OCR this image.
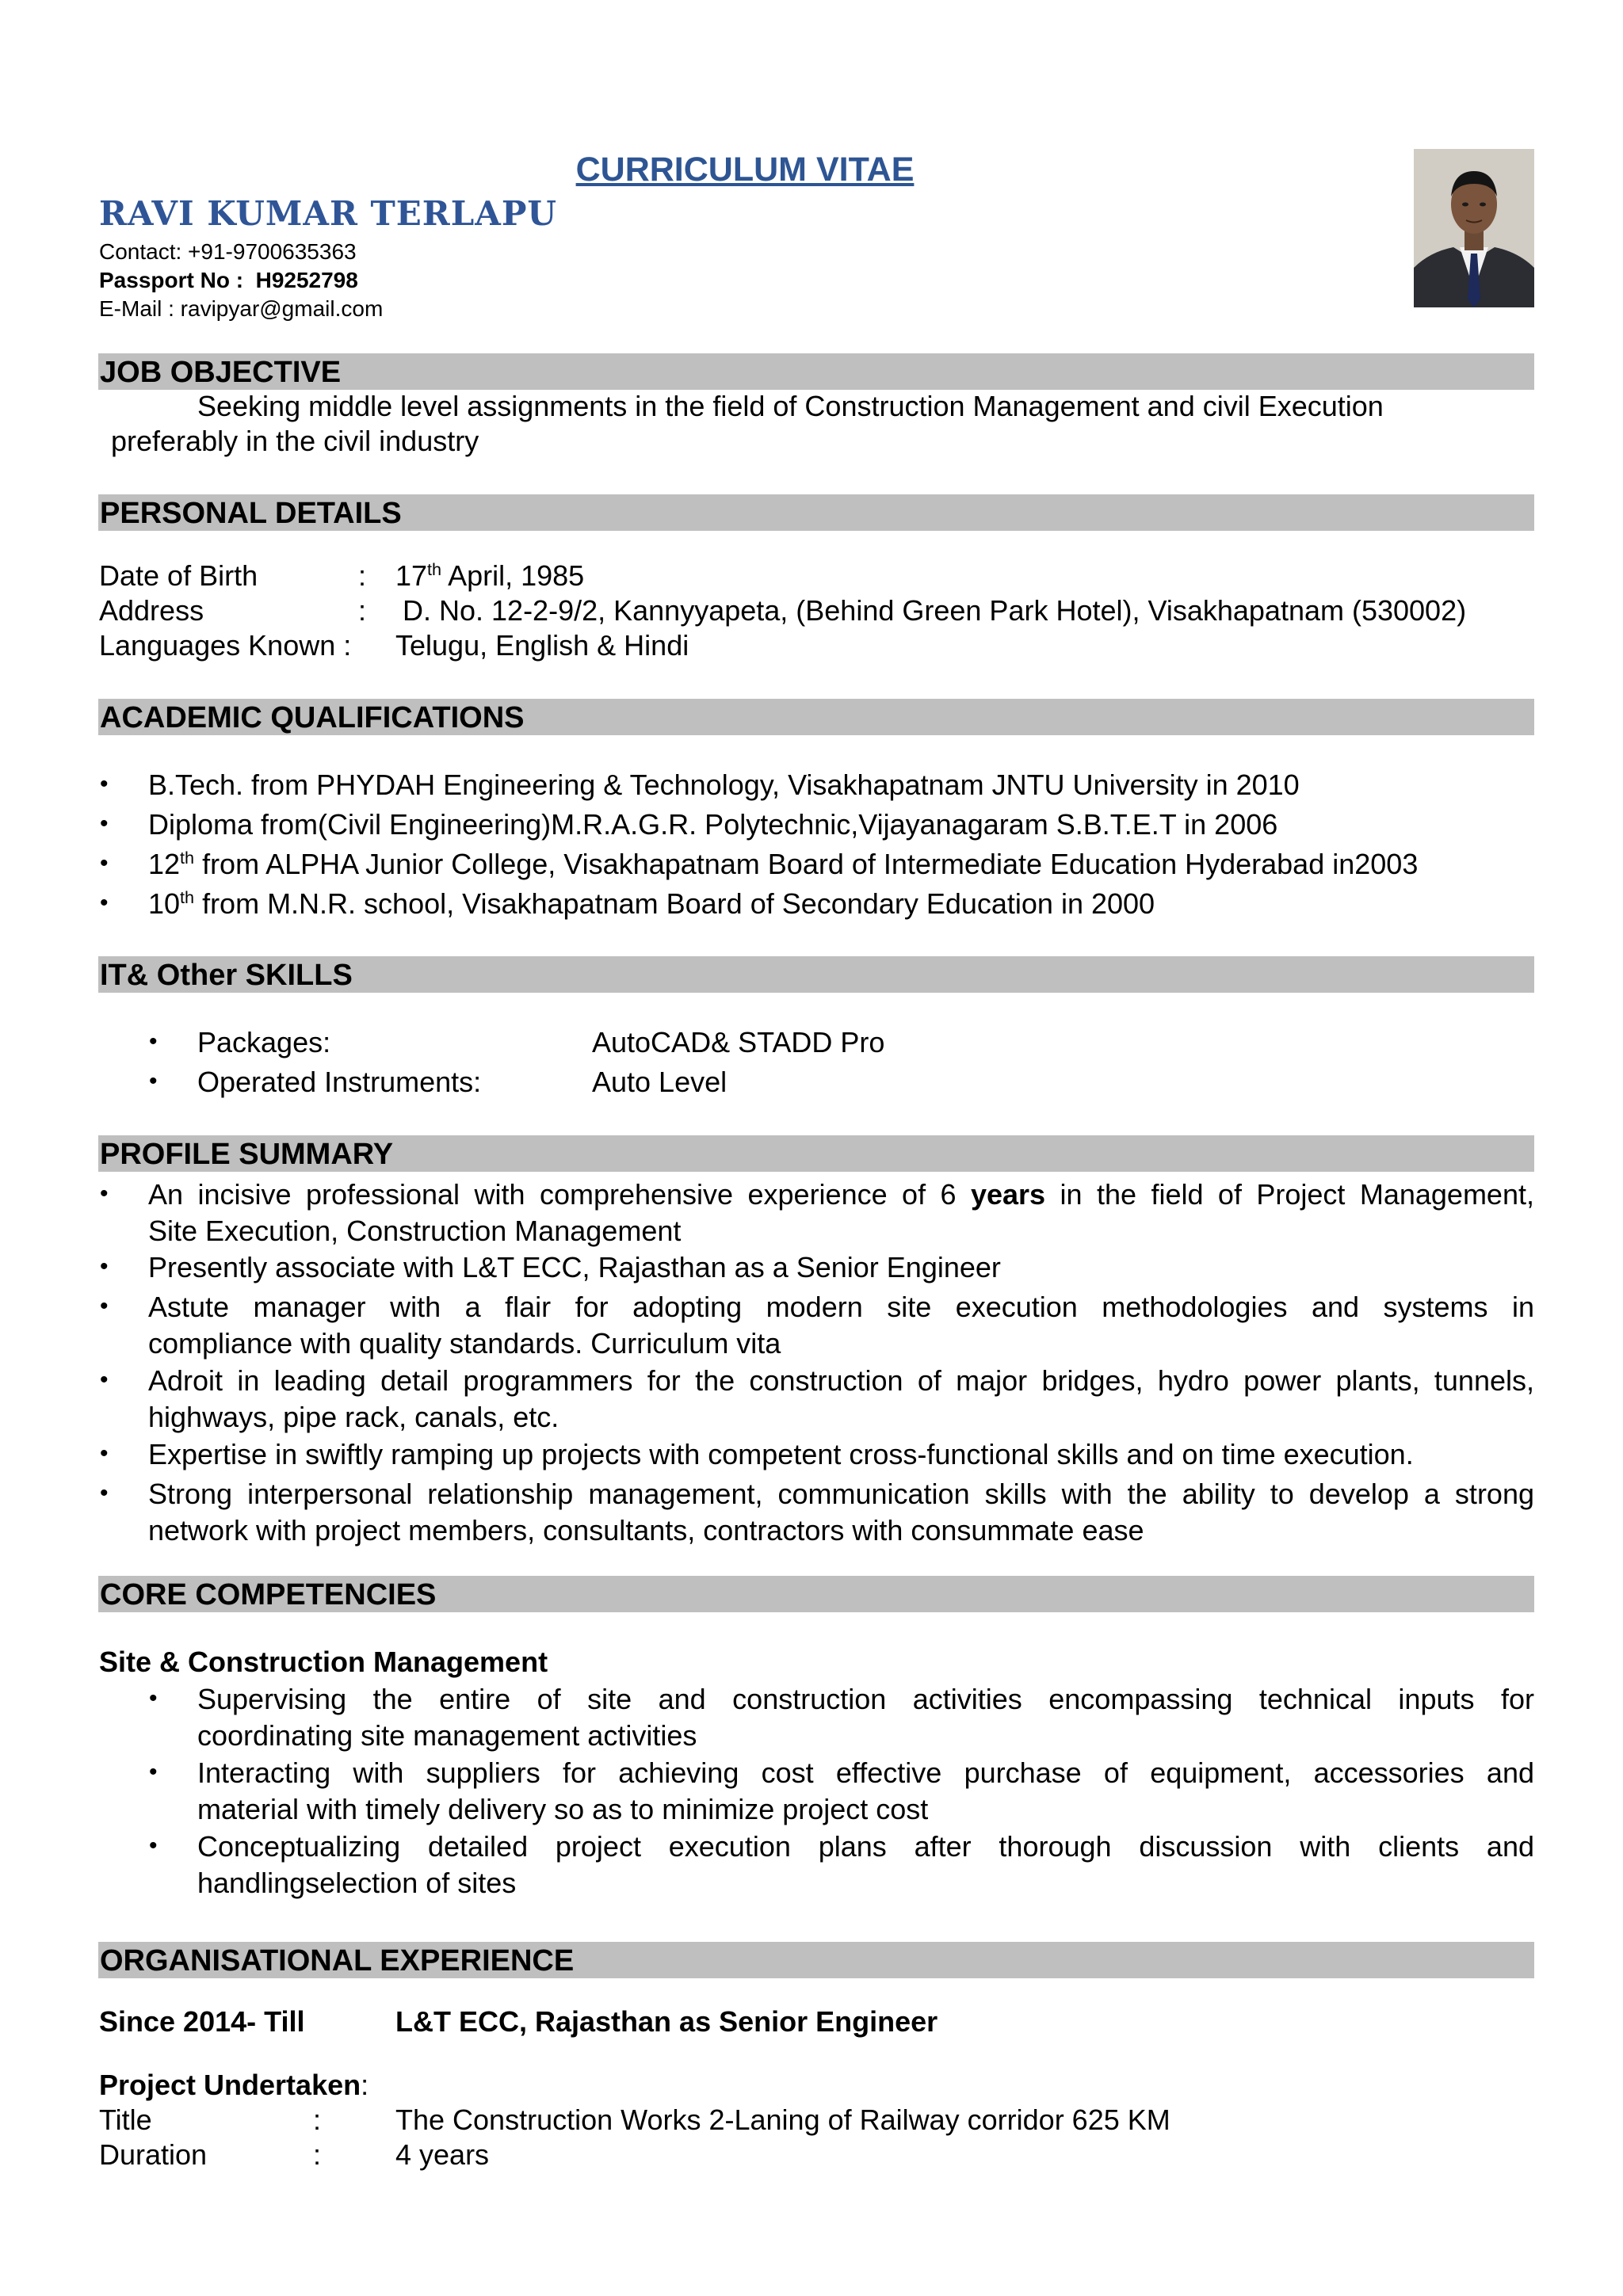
CURRICULUM VITAE
RAVI KUMAR TERLAPU
Contact: +91-9700635363
Passport No : H9252798
E-Mail : ravipyar@gmail.com
JOB OBJECTIVE
Seeking middle level assignments in the field of Construction Management and civil Execution
preferably in the civil industry
PERSONAL DETAILS
Date of Birth	: 17th April, 1985
Address	: D. No. 12-2-9/2, Kannyyapeta, (Behind Green Park Hotel), Visakhapatnam (530002)
Languages Known : Telugu, English & Hindi
ACADEMIC QUALIFICATIONS
• B.Tech. from PHYDAH Engineering & Technology, Visakhapatnam JNTU University in 2010
• Diploma from(Civil Engineering)M.R.A.G.R. Polytechnic,Vijayanagaram S.B.T.E.T in 2006
• 12th from ALPHA Junior College, Visakhapatnam Board of Intermediate Education Hyderabad in2003
• 10th from M.N.R. school, Visakhapatnam Board of Secondary Education in 2000
IT& Other SKILLS
• Packages:	AutoCAD& STADD Pro
• Operated Instruments:	Auto Level
PROFILE SUMMARY
• An incisive professional with comprehensive experience of 6 years in the field of Project Management,
Site Execution, Construction Management
• Presently associate with L&T ECC, Rajasthan as a Senior Engineer
• Astute manager with a flair for adopting modern site execution methodologies and systems in
compliance with quality standards. Curriculum vita
• Adroit in leading detail programmers for the construction of major bridges, hydro power plants, tunnels,
highways, pipe rack, canals, etc.
• Expertise in swiftly ramping up projects with competent cross-functional skills and on time execution.
• Strong interpersonal relationship management, communication skills with the ability to develop a strong
network with project members, consultants, contractors with consummate ease
CORE COMPETENCIES
Site & Construction Management
• Supervising the entire of site and construction activities encompassing technical inputs for
coordinating site management activities
• Interacting with suppliers for achieving cost effective purchase of equipment, accessories and
material with timely delivery so as to minimize project cost
• Conceptualizing detailed project execution plans after thorough discussion with clients and
handlingselection of sites
ORGANISATIONAL EXPERIENCE
Since 2014- Till	L&T ECC, Rajasthan as Senior Engineer
Project Undertaken:
Title	:	The Construction Works 2-Laning of Railway corridor 625 KM
Duration	:	4 years
